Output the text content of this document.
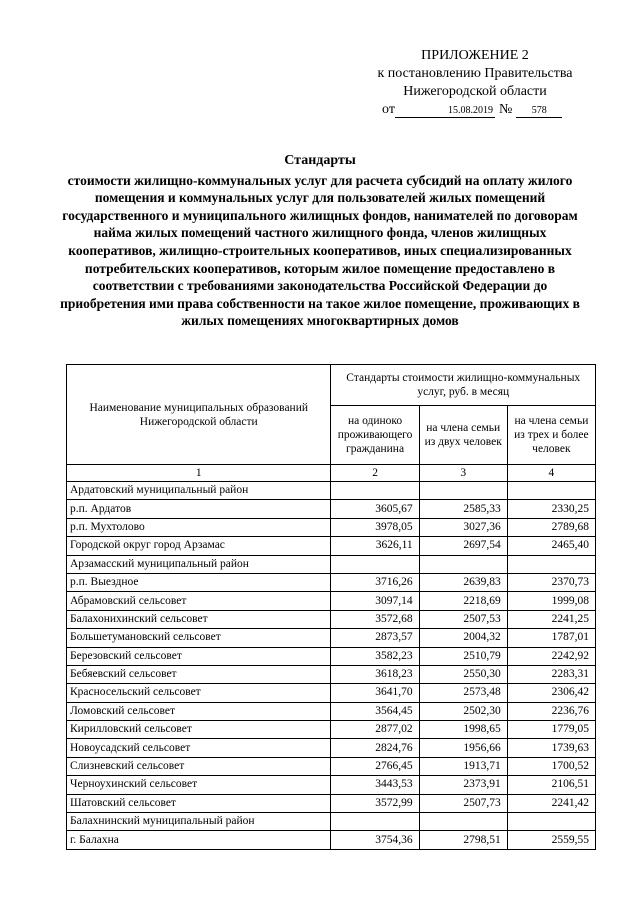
ПРИЛОЖЕНИЕ 2
к постановлению Правительства
Нижегородской области
от	15.08.2019 № 578
Стандарты
стоимости жилищно-коммунальных услуг для расчета субсидий на оплату жилого помещения и коммунальных услуг для пользователей жилых помещений государственного и муниципального жилищных фондов, нанимателей по договорам найма жилых помещений частного жилищного фонда, членов жилищных кооперативов, жилищно-строительных кооперативов, иных специализированных потребительских кооперативов, которым жилое помещение предоставлено в соответствии с требованиями законодательства Российской Федерации до приобретения ими права собственности на такое жилое помещение, проживающих в жилых помещениях многоквартирных домов
Наименование муниципальных образований Нижегородской области	Стандарты стоимости жилищно-коммунальных услуг, руб. в месяц		
	на одиноко проживающего гражданина	на члена семьи из двух человек	на члена семьи из трех и более человек
1	2	3	4
Ардатовский муниципальный район			
р.п. Ардатов	3605,67	2585,33	2330,25
р.п. Мухтолово	3978,05	3027,36	2789,68
Городской округ город Арзамас	3626,11	2697,54	2465,40
Арзамасский муниципальный район			
р.п. Выездное	3716,26	2639,83	2370,73
Абрамовский сельсовет	3097,14	2218,69	1999,08
Балахонихинский сельсовет	3572,68	2507,53	2241,25
Большетумановский сельсовет	2873,57	2004,32	1787,01
Березовский сельсовет	3582,23	2510,79	2242,92
Бебяевский сельсовет	3618,23	2550,30	2283,31
Красносельский сельсовет	3641,70	2573,48	2306,42
Ломовский сельсовет	3564,45	2502,30	2236,76
Кирилловский сельсовет	2877,02	1998,65	1779,05
Новоусадский сельсовет	2824,76	1956,66	1739,63
Слизневский сельсовет	2766,45	1913,71	1700,52
Черноухинский сельсовет	3443,53	2373,91	2106,51
Шатовский сельсовет	3572,99	2507,73	2241,42
Балахнинский муниципальный район			
г. Балахна	3754,36	2798,51	2559,55
